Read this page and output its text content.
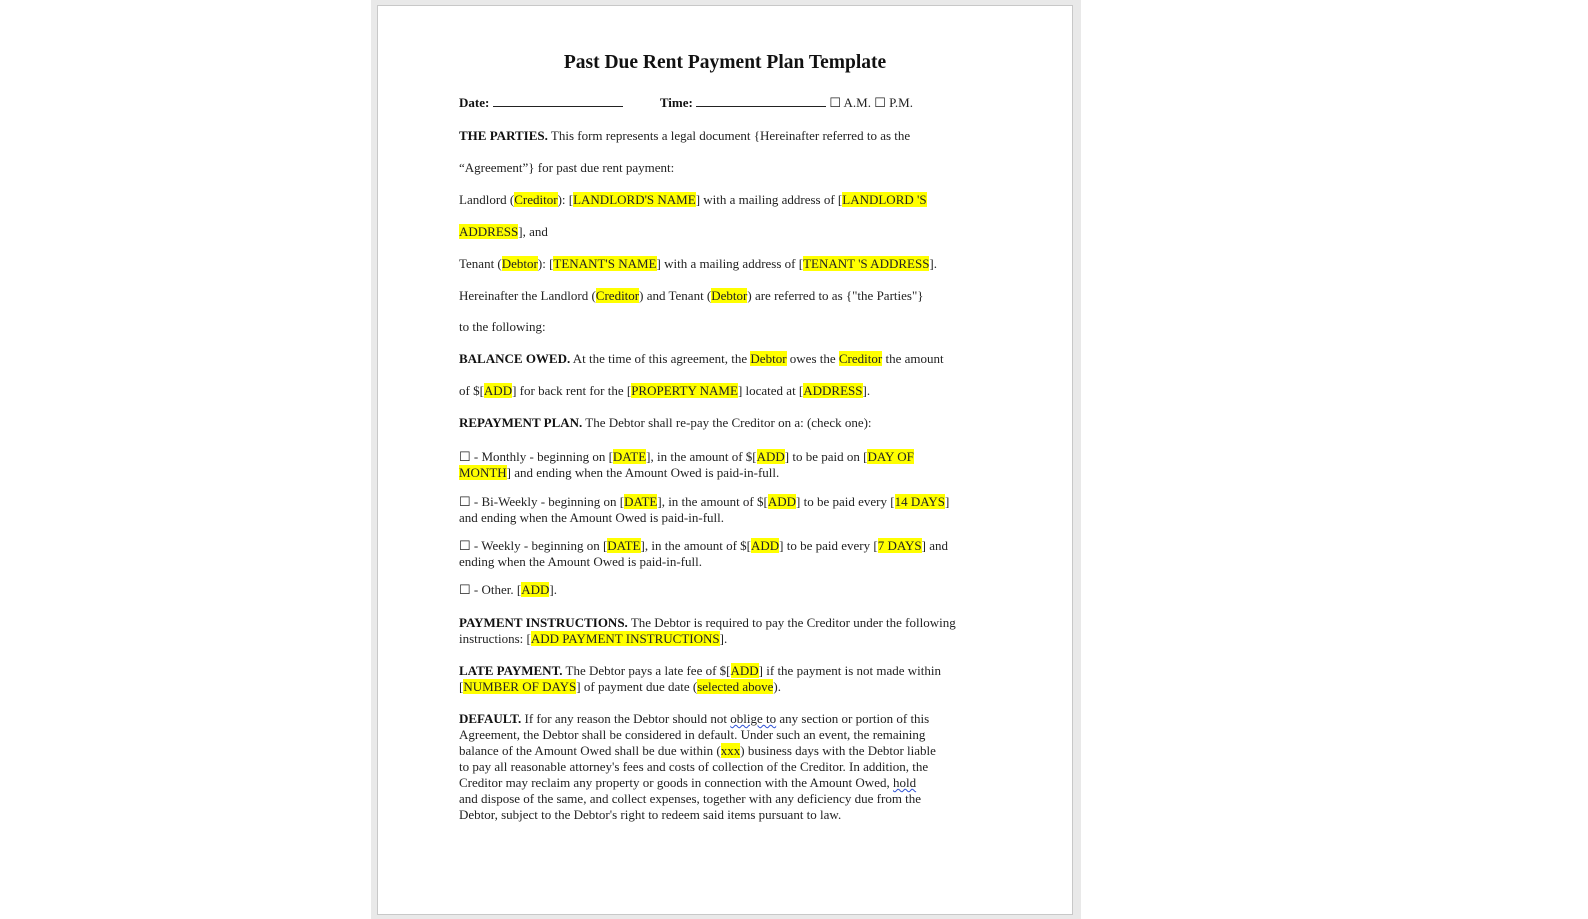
Past Due Rent Payment Plan Template
Date:	Time:	☐ A.M. ☐ P.M.
THE PARTIES. This form represents a legal document {Hereinafter referred to as the
“Agreement”} for past due rent payment:
Landlord (Creditor): [LANDLORD'S NAME] with a mailing address of [LANDLORD 'S
ADDRESS], and
Tenant (Debtor): [TENANT'S NAME] with a mailing address of [TENANT 'S ADDRESS].
Hereinafter the Landlord (Creditor) and Tenant (Debtor) are referred to as {"the Parties"}
to the following:
BALANCE OWED. At the time of this agreement, the Debtor owes the Creditor the amount
of $[ADD] for back rent for the [PROPERTY NAME] located at [ADDRESS].
REPAYMENT PLAN. The Debtor shall re-pay the Creditor on a: (check one):
☐ - Monthly - beginning on [DATE], in the amount of $[ADD] to be paid on [DAY OF
MONTH] and ending when the Amount Owed is paid-in-full.
☐ - Bi-Weekly - beginning on [DATE], in the amount of $[ADD] to be paid every [14 DAYS]
and ending when the Amount Owed is paid-in-full.
☐ - Weekly - beginning on [DATE], in the amount of $[ADD] to be paid every [7 DAYS] and
ending when the Amount Owed is paid-in-full.
☐ - Other. [ADD].
PAYMENT INSTRUCTIONS. The Debtor is required to pay the Creditor under the following
instructions: [ADD PAYMENT INSTRUCTIONS].
LATE PAYMENT. The Debtor pays a late fee of $[ADD] if the payment is not made within
[NUMBER OF DAYS] of payment due date (selected above).
DEFAULT. If for any reason the Debtor should not oblige to any section or portion of this
Agreement, the Debtor shall be considered in default. Under such an event, the remaining
balance of the Amount Owed shall be due within (xxx) business days with the Debtor liable
to pay all reasonable attorney's fees and costs of collection of the Creditor. In addition, the
Creditor may reclaim any property or goods in connection with the Amount Owed, hold
and dispose of the same, and collect expenses, together with any deficiency due from the
Debtor, subject to the Debtor's right to redeem said items pursuant to law.
